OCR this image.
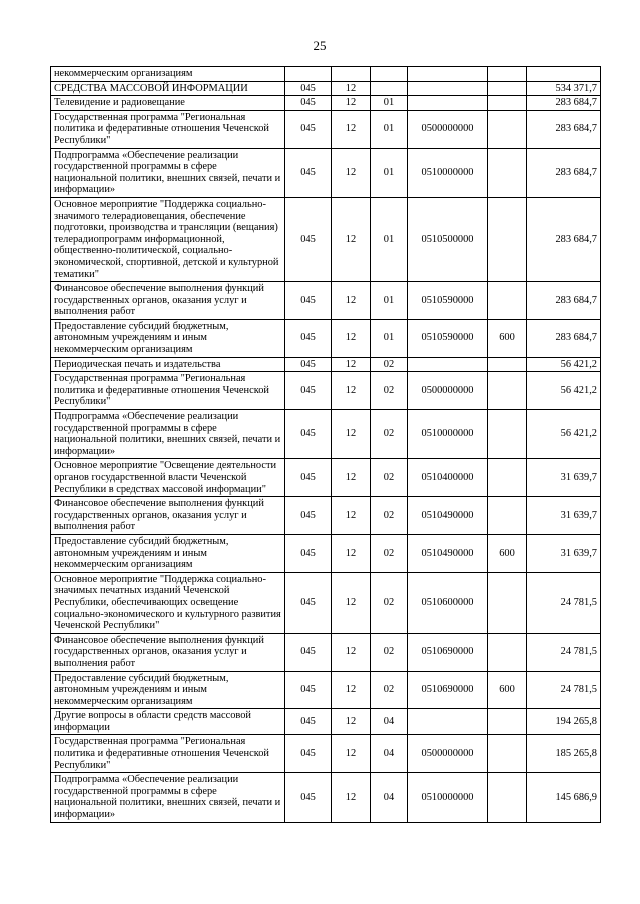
25
некоммерческим организациям						
СРЕДСТВА МАССОВОЙ ИНФОРМАЦИИ	045	12				534 371,7
Телевидение и радиовещание	045	12	01			283 684,7
Государственная программа "Региональная политика и федеративные отношения Чеченской Республики"	045	12	01	0500000000		283 684,7
Подпрограмма «Обеспечение реализации государственной программы в сфере национальной политики, внешних связей, печати и информации»	045	12	01	0510000000		283 684,7
Основное мероприятие "Поддержка социально-значимого телерадиовещания, обеспечение подготовки, производства и трансляции (вещания) телерадиопрограмм информационной, общественно-политической, социально-экономической, спортивной, детской и культурной тематики"	045	12	01	0510500000		283 684,7
Финансовое обеспечение выполнения функций государственных органов, оказания услуг и выполнения работ	045	12	01	0510590000		283 684,7
Предоставление субсидий бюджетным, автономным учреждениям и иным некоммерческим организациям	045	12	01	0510590000	600	283 684,7
Периодическая печать и издательства	045	12	02			56 421,2
Государственная программа "Региональная политика и федеративные отношения Чеченской Республики"	045	12	02	0500000000		56 421,2
Подпрограмма «Обеспечение реализации государственной программы в сфере национальной политики, внешних связей, печати и информации»	045	12	02	0510000000		56 421,2
Основное мероприятие "Освещение деятельности органов государственной власти Чеченской Республики в средствах массовой информации"	045	12	02	0510400000		31 639,7
Финансовое обеспечение выполнения функций государственных органов, оказания услуг и выполнения работ	045	12	02	0510490000		31 639,7
Предоставление субсидий бюджетным, автономным учреждениям и иным некоммерческим организациям	045	12	02	0510490000	600	31 639,7
Основное мероприятие "Поддержка социально-значимых печатных изданий Чеченской Республики, обеспечивающих освещение социально-экономического и культурного развития Чеченской Республики"	045	12	02	0510600000		24 781,5
Финансовое обеспечение выполнения функций государственных органов, оказания услуг и выполнения работ	045	12	02	0510690000		24 781,5
Предоставление субсидий бюджетным, автономным учреждениям и иным некоммерческим организациям	045	12	02	0510690000	600	24 781,5
Другие вопросы в области средств массовой информации	045	12	04			194 265,8
Государственная программа "Региональная политика и федеративные отношения Чеченской Республики"	045	12	04	0500000000		185 265,8
Подпрограмма «Обеспечение реализации государственной программы в сфере национальной политики, внешних связей, печати и информации»	045	12	04	0510000000		145 686,9
